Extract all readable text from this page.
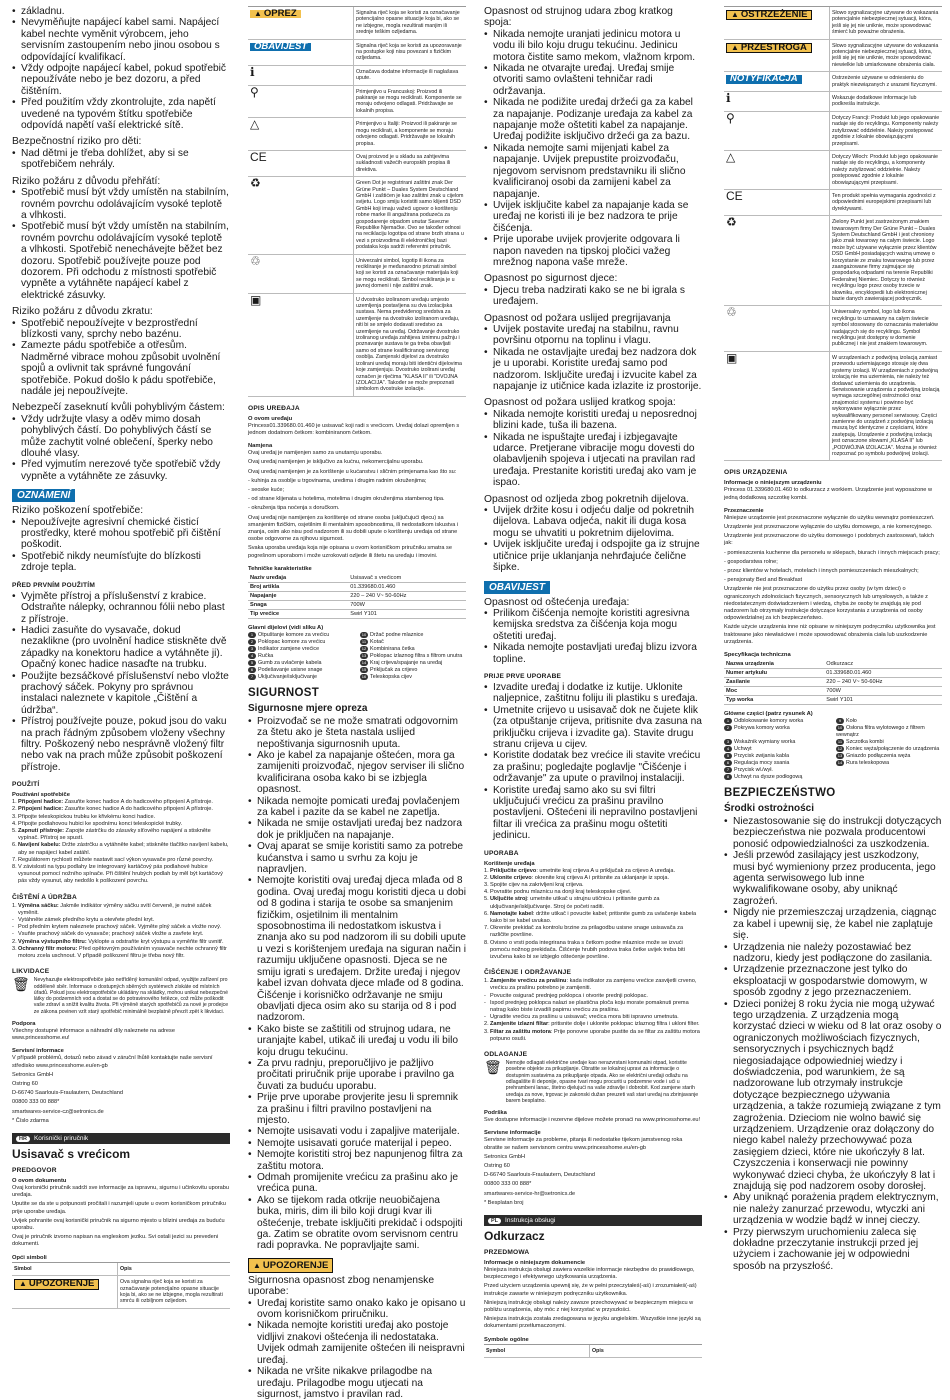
• základnu.
• Nevyměňujte napájecí kabel sami. Napájecí kabel nechte vyměnit výrobcem, jeho servisním zastoupením nebo jinou osobou s odpovídající kvalifikací.
• Vždy odpojte napájecí kabel, pokud spotřebič nepoužíváte nebo je bez dozoru, a před čištěním.
• Před použitím vždy zkontrolujte, zda napětí uvedené na typovém štítku spotřebiče odpovídá napětí vaší elektrické sítě.
Bezpečnostní riziko pro děti:
• Nad dětmi je třeba dohlížet, aby si se spotřebičem nehrály.
Riziko požáru z důvodu přehřátí:
• Spotřebič musí být vždy umístěn na stabilním, rovném povrchu odolávajícím vysoké teplotě a vlhkosti.
• Spotřebič musí být vždy umístěn na stabilním, rovném povrchu odolávajícím vysoké teplotě a vlhkosti. Spotřebič nenechávejte běžet bez dozoru. Spotřebič používejte pouze pod dozorem. Při odchodu z místnosti spotřebič vypněte a vytáhněte napájecí kabel z elektrické zásuvky.
Riziko požáru z důvodu zkratu:
• Spotřebič nepoužívejte v bezprostřední blízkosti vany, sprchy nebo bazénu.
• Zamezte pádu spotřebiče a otřesům. Nadměrné vibrace mohou způsobit uvolnění spojů a ovlivnit tak správné fungování spotřebiče. Pokud došlo k pádu spotřebiče, nadále jej nepoužívejte.
Nebezpečí zaseknutí kvůli pohyblivým částem:
• Vždy udržujte vlasy a oděv mimo dosah pohyblivých částí. Do pohyblivých částí se může zachytit volné oblečení, šperky nebo dlouhé vlasy.
• Před vyjmutím nerezové tyče spotřebič vždy vypněte a vytáhněte ze zásuvky.
OZNÁMENÍ
Riziko poškození spotřebiče:
• Nepoužívejte agresivní chemické čisticí prostředky, které mohou spotřebič při čištění poškodit.
• Spotřebič nikdy neumísťujte do blízkosti zdroje tepla.
PŘED PRVNÍM POUŽITÍM
• Vyjměte přístroj a příslušenství z krabice. Odstraňte nálepky, ochrannou fólii nebo plast z přístroje.
• Hadici zasuňte do vysavače, dokud nezaklikne (pro uvolnění hadice stiskněte dvě západky na konektoru hadice a vytáhněte ji). Opačný konec hadice nasaďte na trubku.
• Použijte bezsáčkové příslušenství nebo vložte prachový sáček. Pokyny pro správnou instalaci naleznete v kapitole „Čištění a údržba“.
• Přístroj používejte pouze, pokud jsou do vaku na prach řádným způsobem vloženy všechny filtry. Poškozený nebo nesprávně vložený filtr nebo vak na prach může způsobit poškození přístroje.
POUŽITÍ
Používání spotřebiče
1. Připojení hadice: Zasuňte konec hadice A do hadicového připojení A přístroje.
2. Připojení hadice: Zasuňte konec hadice A do hadicového připojení A přístroje.
3. Připojte teleskopickou trubku ke křivkému konci hadice.
4. Připojte podlahovou hubici ke spodnímu konci teleskopické trubky.
5. Zapnutí přístroje: Zapojte zástrčku do zásuvky síťového napájení a stiskněte vypínač. Přístroj se spustí.
6. Navíjení kabelu: Držte zástrčku a vytáhněte kabel; stiskněte tlačítko navíjení kabelu, aby se napájecí kabel zatáhl.
7. Regulátorem rychlosti můžete nastavit sací výkon vysavače pro různé povrchy.
8. V závislosti na typu podlahy lze integrovaný kartáčový pás podlahové hubice vysunout pomocí nožního spínače. Při čištění hrubých podlah by měl být kartáčový pás vždy vysunut, aby nedošlo k poškození povrchu.
ČIŠTĚNÍ A ÚDRŽBA
1. Výměna sáčku: Jakmile indikátor výměny sáčku svítí červeně, je nutné sáček vyměnit.
- Vytáhněte zámek předního krytu a otevřete přední kryt.
- Pod předním krytem naleznete prachový sáček. Vyjměte plný sáček a vložte nový.
- Vsuňte prachový sáček do vysavače; prachový sáček vložte a zavřete kryt.
2. Výměna výstupního filtru: Vyklopte a odstraňte kryt výstupu a vyměňte filtr uvnitř.
3. Ochranný filtr motoru: Před opětovným používáním vysavače nechte ochranný filtr motoru zcela uschnout. V případě poškození filtru je třeba nový filtr.
LIKVIDACE
🗑 Nevyhazujte elektrospotřebiče jako netříděný komunální odpad, využijte zařízení pro odděleně sběr. Informace o dostupných sběrných systémech získáte od místních úřadů. Pokud jsou elektrospotřebiče ukládány na skládky, mohou unikat nebezpečné látky do podzemních vod a dostat se do potravinového řetězce, což může poškodit vaše zdraví a snížit kvalitu života. Při výměně starých spotřebičů za nové je prodejce ze zákona povinen vzít starý spotřebič minimálně bezplatně převzít zpět k likvidaci.
Podpora
Všechny dostupné informace a náhradní díly naleznete na adrese www.princesshome.eu!
Servisní informace

V případě problémů, dotazů nebo závad v záruční lhůtě kontaktujte naše servisní středisko www.princesshome.eu/en-gb

Setronics GmbH

Ostring 60

D-66740 Saarlouis-Fraulautern, Deutschland

00800 333 00 888*

smartwares-service-cz@setronics.de

* Číslo zdarma

HR	Korisnički priručnik
Usisavač s vrećicom
PREDGOVOR
O ovom dokumentu

Ovaj korisnički priručnik sadrži sve informacije za ispravnu, sigurnu i učinkovitu uporabu uređaja.

Uputite se da ste u potpunosti pročitali i razumjeli upute u ovom korisničkom priručniku prije uporabe uređaja.

Uvijek pohranite ovaj korisnički priručnik na sigurno mjesto u blizini uređaja za buduću uporabu.

Ovaj je priručnik izvorno napisan na engleskom jeziku. Svi ostali jezici su prevedeni dokumenti.

Opći simboli
Simbol	Opis
▲ UPOZORENJE	Ova signalna riječ koja se koristi za označavanje potencijalno opasne situacije koja bi, ako se ne izbjegne, mogla rezultirati smrću ili ozbiljnom ozljedom.
▲ OPREZ	Signalna riječ koja se koristi za označavanje potencijalno opasne situacije koja bi, ako se ne izbjegne, mogla rezultirati manjim ili srednje teškim ozljedama.
OBAVIJEST	Signalna riječ koja se koristi za upozoravanje na postupke koji nisu povezani s fizičkim ozljedama.
ℹ	Označava dodatne informacije ili naglašava upute.
⚲	Primjenjivo u Francuskoj: Proizvod ili pakiranje se mogu reciklirati. Komponente se moraju odvojeno odlagati. Pridržavajte se lokalnih propisa.
△	Primjenjivo u Italiji: Proizvod ili pakiranje se mogu reciklirati, a komponente se moraju odvojeno odlagati. Pridržavajte se lokalnih propisa.
CE	Ovaj proizvod je u skladu sa zahtjevima sukladnosti važećih europskih propisa ili direktiva.
♻	Green Dot je registrirani zaštitni znak Der Grüne Punkt – Duales System Deutschland GmbH i zaštićen je kao zaštitni znak u cijelom svijetu. Logo smiju koristiti samo klijenti DSD GmbH koji imaju važeći ugovor o korištenju robne marke ili angažirana poduzeća za gospodarenje otpadom unutar Savezne Republike Njemačke. Ovo se također odnosi na reciklaciju logotipa od strane brzih strana u vezi s proizvodima ili elektroničkoj bazi podataka koja sadrži referentni priručnik.
♲	Univerzalni simbol, logotip ili ikona za recikliranje je međunarodno priznati simbol koji se koristi za označavanje materijala koji se mogu reciklirati. Simbol recikliranja je u javnoj domeni i nije zaštitni znak.
▣	U dvostruko izoliranom uređaju umjesto uzemljenja postavljena su dva izolacijska sustava. Nema predviđenog sredstva za uzemljenje na dvostruko izoliranom uređaju, niti bi se smjelo dodavati sredstvo za uzemljenje na uređaj. Održavanje dvostruko izoliranog uređaja zahtijeva iznimnu pažnju i poznavanje sustava te ga treba obavljati samo od strane kvalificiranog servisnog osoblja. Zamjenski dijelovi za dvostruko izolirani uređaj moraju biti identični dijelovima koje zamjenjuju. Dvostruko izolirani uređaj označen je riječima "KLASA II" ili "DVOJNA IZOLACIJA". Također se može prepoznati simbolom dvostruke izolacije.
OPIS UREĐAJA
O ovom uređaju
Princess01.339680.01.460 je usisavač koji radi s vrećicom. Uređaj dolazi opremljen s jednom dodatnom četkom: kombiniranom četkom.
Namjena

Ovaj uređaj je namijenjen samo za unutarnju uporabu.

Ovaj uređaj namijenjen je isključivo za kućnu, nekomercijalnu uporabu.

Ovaj uređaj namijenjen je za korištenje u kućanstvu i sličnim primjenama kao što su:

- kuhinja za osoblje u trgovinama, uredima i drugim radnim okruženjima;

- seoske kuće;

- od strane klijenata u hotelima, motelima i drugim okruženjima stambenog tipa.

- okruženja tipa noćenja s doručkom.

Ovaj uređaj nije namijenjen za korištenje od strane osoba (uključujući djecu) sa smanjenim fizičkim, osjetilnim ili mentalnim sposobnostima, ili nedostatkom iskustva i znanja, osim ako nisu pod nadzorom ili su dobili upute o korištenju uređaja od strane osobe odgovorne za njihovu sigurnost.

Svaka uporaba uređaja koja nije opisana u ovom korisničkom priručniku smatra se pogrešnom uporabom i može uzrokovati ozljede ili štetu na uređaju i imovini.

Tehničke karakteristike
Naziv uređaja	Usisavač s vrećicom
Broj artikla	01.339680.01.460
Napajanje	220 – 240 V~ 50-60Hz
Snaga	700W
Tip vrećice	Swirl Y101
Glavni dijelovi (vidi sliku A)
1 Otpuštanje komore za vrećicu	10 Držač podne mlaznice
2 Poklopac komore za vrećicu	11 Kotač
3 Indikator zamjene vrećice	12 Kombinirana četka
4 Ručka	13 Poklopac izlaznog filtra s filtrom unutra
5 Gumb za uvlačenje kabela	14 Kraj crijeva/spajanje na uređaj
6 Podešavanje usisne snage	15 Priključak za crijevo
7 Uključivanje/isključivanje	16 Teleskopska cijev
SIGURNOST
Sigurnosne mjere opreza
• Proizvođač se ne može smatrati odgovornim za štetu ako je šteta nastala uslijed nepoštivanja sigurnosnih uputa.
• Ako je kabel za napajanje oštećen, mora ga zamijeniti proizvođač, njegov serviser ili slično kvalificirana osoba kako bi se izbjegla opasnost.
• Nikada nemojte pomicati uređaj povlačenjem za kabel i pazite da se kabel ne zapetlja.
• Nikada ne smije ostavljati uređaj bez nadzora dok je priključen na napajanje.
• Ovaj aparat se smije koristiti samo za potrebe kućanstva i samo u svrhu za koju je napravljen.
• Nemojte koristiti ovaj uređaj djeca mlađa od 8 godina. Ovaj uređaj mogu koristiti djeca u dobi od 8 godina i starija te osobe sa smanjenim fizičkim, osjetilnim ili mentalnim sposobnostima ili nedostatkom iskustva i znanja ako su pod nadzorom ili su dobili upute u vezi s korištenjem uređaja na siguran način i razumiju uključene opasnosti. Djeca se ne smiju igrati s uređajem. Držite uređaj i njegov kabel izvan dohvata djece mlađe od 8 godina. Čišćenje i korisničko održavanje ne smiju obavljati djeca osim ako su starija od 8 i pod nadzorom.
• Kako biste se zaštitili od strujnog udara, ne uranjajte kabel, utikač ili uređaj u vodu ili bilo koju drugu tekućinu.
• Za prvu radnju, preporučljivo je pažljivo pročitati priručnik prije uporabe i pravilno ga čuvati za buduću uporabu.
• Prije prve uporabe provjerite jesu li spremnik za prašinu i filtri pravilno postavljeni na mjesto.
• Nemojte usisavati vodu i zapaljive materijale.
• Nemojte usisavati goruće materijal i pepeo.
• Nemojte koristiti stroj bez napunjenog filtra za zaštitu motora.
• Odmah promijenite vrećicu za prašinu ako je vrećica puna.
• Ako se tijekom rada otkrije neuobičajena buka, miris, dim ili bilo koji drugi kvar ili oštećenje, trebate isključiti prekidač i odspojiti ga. Zatim se obratite ovom servisnom centru radi popravka. Ne popravljajte sami.
▲ UPOZORENJE
Sigurnosna opasnost zbog nenamjenske uporabe:
• Uređaj koristite samo onako kako je opisano u ovom korisničkom priručniku.
• Nikada nemojte koristiti uređaj ako postoje vidljivi znakovi oštećenja ili nedostataka. Uvijek odmah zamijenite oštećen ili neispravni uređaj.
• Nikada ne vršite nikakve prilagodbe na uređaju. Prilagodbe mogu utjecati na sigurnost, jamstvo i pravilan rad.
Opasnost od strujnog udara zbog kratkog spoja:
• Nikada nemojte uranjati jedinicu motora u vodu ili bilo koju drugu tekućinu. Jedinicu motora čistite samo mekom, vlažnom krpom.
• Nikada ne otvarajte uređaj. Uređaj smije otvoriti samo ovlašteni tehničar radi održavanja.
• Nikada ne podižite uređaj držeći ga za kabel za napajanje. Podizanje uređaja za kabel za napajanje može oštetiti kabel za napajanje. Uređaj podižite isključivo držeći ga za bazu.
• Nikada nemojte sami mijenjati kabel za napajanje. Uvijek prepustite proizvođaču, njegovom servisnom predstavniku ili slično kvalificiranoj osobi da zamijeni kabel za napajanje.
• Uvijek isključite kabel za napajanje kada se uređaj ne koristi ili je bez nadzora te prije čišćenja.
• Prije uporabe uvijek provjerite odgovara li napon naveden na tipskoj pločici važeg mrežnog napona vaše mreže.
Opasnost po sigurnost djece:
• Djecu treba nadzirati kako se ne bi igrala s uređajem.
Opasnost od požara uslijed pregrijavanja
• Uvijek postavite uređaj na stabilnu, ravnu površinu otpornu na toplinu i vlagu.
• Nikada ne ostavljajte uređaj bez nadzora dok je u uporabi. Koristite uređaj samo pod nadzorom. Isključite uređaj i izvucite kabel za napajanje iz utičnice kada izlazite iz prostorije.
Opasnost od požara uslijed kratkog spoja:
• Nikada nemojte koristiti uređaj u neposrednoj blizini kade, tuša ili bazena.
• Nikada ne ispuštajte uređaj i izbjegavajte udarce. Pretjerane vibracije mogu dovesti do olabavljenih spojeva i utjecati na pravilan rad uređaja. Prestanite koristiti uređaj ako vam je ispao.
Opasnost od ozljeda zbog pokretnih dijelova.
• Uvijek držite kosu i odjeću dalje od pokretnih dijelova. Labava odjeća, nakit ili duga kosa mogu se uhvatiti u pokretnim dijelovima.
• Uvijek isključite uređaj i odspojite ga iz strujne utičnice prije uklanjanja nehrđajuće čelične šipke.
OBAVIJEST
Opasnost od oštećenja uređaja:
• Prilikom čišćenja nemojte koristiti agresivna kemijska sredstva za čišćenja koja mogu oštetiti uređaj.
• Nikada nemojte postavljati uređaj blizu izvora topline.
PRIJE PRVE UPORABE
• Izvadite uređaj i dodatke iz kutije. Uklonite naljepnice, zaštitnu foliju ili plastiku s uređaja.
• Umetnite crijevo u usisavač dok ne čujete klik (za otpuštanje crijeva, pritisnite dva zasuna na priključku crijeva i izvadite ga). Stavite drugu stranu crijeva u cijev.
• Koristite dodatak bez vrećice ili stavite vrećicu za prašinu; pogledajte poglavlje "Čišćenje i održavanje" za upute o pravilnoj instalaciji.
• Koristite uređaj samo ako su svi filtri uključujući vrećicu za prašinu pravilno postavljeni. Oštećeni ili nepravilno postavljeni filtar ili vrećica za prašinu mogu oštetiti jedinicu.
UPORABA
Korištenje uređaja
1. Priključite crijevo: umetnite kraj crijeva A u priključak za crijevo A uređaja.
2. Uklonite crijevo: okrenite kraj crijeva A i pritisnite za uklanjanje iz spoja.
3. Spojite cijev na zakrivljeni kraj crijeva.
4. Povratite podnu mlaznicu na donji kraj teleskopske cijevi.
5. Uključite stroj: umetnite utikač u strujnu utičnicu i pritisnite gumb za uključivanje/isključivanje. Stroj će početi raditi.
6. Namotajte kabel: držite utikač i povucite kabel; pritisnite gumb za uvlačenje kabela kako bi se kabel uvukao.
7. Okrenite prekidač za kontrolu brzine za prilagodbu usisne snage usisavača za različite površine.
8. Ovisno o vrsti poda integrirana traka s četkom podne mlaznice može se izvući pomoću nožnog prekidača. Čišćenje hrubih podova traka četke uvijek treba biti izvučena kako bi se izbjeglo oštećenje površine.
ČIŠĆENJE I ODRŽAVANJE
1. Zamjenite vrećicu za prašinu: kada indikator za zamjenu vrećice zasvijetli crveno, vrećicu za prašinu potrebno je zamijeniti.
- Povucite osigurač prednjeg poklopca i otvorite prednji poklopac.
- Ispod prednjeg poklopca nalazi se plastična ploča koju morate pomaknuti prema natrag kako biste izvadili papirnu vrećicu za prašinu.
- Ugradite vrećicu za prašinu u usisavač; vrećica mora biti ispravno umetnuta.
2. Zamjenite izlazni filtar: pritisnite dolje i uklonite poklopac izlaznog filtra i ukloni filter.
3. Filtar za zaštitu motora: Prije ponovne uporabe pustite da se filtar za zaštitu motora potpuno osuši.
ODLAGANJE
🗑 Nemojte odlagati električne uređaje kao nerazvrstani komunalni otpad, koristite posebne objekte za prikupljanje. Obratite se lokalnoj upravi za informacije o dostupnim sustavima za prikupljanje otpada. Ako se električni uređaji odlažu na odlagalište ili deponije, opasne tvari mogu procuriti u podzemne vode i ući u prehrambeni lanac, štetno djelujući na vaše zdravlje i dobrobit. Kod zamjene starih uređaja za nove, trgovac je zakonski dužan preuzeti vaš stari uređaj na zbrinjavanje barem besplatno.
Podrška
Sve dostupne informacije i rezervne dijelove možete pronaći na www.princesshome.eu!
Servisne informacije

Servisne informacije za probleme, pitanja ili nedostatke tijekom jamstvenog roka obratite se našem servisnom centru www.princesshome.eu/en-gb

Setronics GmbH

Ostring 60

D-66740 Saarlouis-Fraulautern, Deutschland

00800 333 00 888*

smartwares-service-hr@setronics.de

* Besplatan broj

PL	Instrukcja obsługi
Odkurzacz
PRZEDMOWA
Informacje o niniejszym dokumencie

Niniejsza instrukcja obsługi zawiera wszelkie informacje niezbędne do prawidłowego, bezpiecznego i efektywnego użytkowania urządzenia.

Przed użyciem urządzenia upewnij się, że w pełni przeczytałeś(-aś) i zrozumiałeś(-aś) instrukcje zawarte w niniejszym podręczniku użytkownika.

Niniejszą instrukcję obsługi należy zawsze przechowywać w bezpiecznym miejscu w pobliżu urządzenia, aby móc z niej korzystać w przyszłości.

Niniejsza instrukcja została zredagowana w języku angielskim. Wszystkie inne języki są dokumentami przetłumaczonymi.

Symbole ogólne
Symbol	Opis
▲ OSTRZEŻENIE	Słowo sygnalizacyjne używane do wskazania potencjalnie niebezpiecznej sytuacji, która, jeśli się jej nie uniknie, może spowodować śmierć lub poważne obrażenia.
▲ PRZESTROGA	Słowo sygnalizacyjne używane do wskazania potencjalnie niebezpiecznej sytuacji, która, jeśli się jej nie uniknie, może spowodować niewielkie lub umiarkowane obrażenia ciała.
NOTYFIKACJA	Ostrzeżenie używane w odniesieniu do praktyk niezwiązanych z urazami fizycznymi.
ℹ	Wskazuje dodatkowe informacje lub podkreśla instrukcje.
⚲	Dotyczy Francji: Produkt lub jego opakowanie nadaje się do recyklingu. Komponenty należy zutylizować oddzielnie. Należy postępować zgodnie z lokalnie obowiązującymi przepisami.
△	Dotyczy Włoch: Produkt lub jego opakowanie nadaje się do recyklingu, a komponenty należy zutylizować oddzielnie. Należy postępować zgodnie z lokalnie obowiązującymi przepisami.
CE	Ten produkt spełnia wymagania zgodności z odpowiednimi europejskimi przepisami lub dyrektywami.
♻	Zielony Punkt jest zastrzeżonym znakiem towarowym firmy Der Grüne Punkt – Duales System Deutschland GmbH i jest chroniony jako znak towarowy na całym świecie. Logo może być używane wyłącznie przez klientów DSD GmbH posiadających ważną umowę o korzystanie ze znaku towarowego lub przez zaangażowane firmy zajmujące się gospodarką odpadami na terenie Republiki Federalnej Niemiec. Dotyczy to również recyklingu logo przez osoby trzecie w słowniku, encyklopedii lub elektronicznej bazie danych zawierającej podręcznik.
♲	Uniwersalny symbol, logo lub ikona recyklingu to uznawany na całym świecie symbol stosowany do oznaczania materiałów nadających się do recyklingu. Symbol recyklingu jest dostępny w domenie publicznej i nie jest znakiem towarowym.
▣	W urządzeniach z podwójną izolacją zamiast przewodu uziemiającego stosuje się dwa systemy izolacji. W urządzeniach z podwójną izolacją nie ma uziemienia, nie należy też dodawać uziemienia do urządzenia. Serwisowanie urządzenia z podwójną izolacją wymaga szczególnej ostrożności oraz znajomości systemu i powinno być wykonywane wyłącznie przez wykwalifikowany personel serwisowy. Części zamienne do urządzeń z podwójną izolacją muszą być identyczne z częściami, które zastępują. Urządzenie z podwójną izolacją jest oznaczone słowami „KLASA II” lub „PODWÓJNA IZOLACJA”. Można je również rozpoznać po symbolu podwójnej izolacji.
OPIS URZĄDZENIA
Informacje o niniejszym urządzeniu
Princess 01.339680.01.460 to odkurzacz z workiem. Urządzenie jest wyposażone w jedną dodatkową szczotkę kombi.
Przeznaczenie

Niniejsze urządzenie jest przeznaczone wyłącznie do użytku wewnątrz pomieszczeń.

Urządzenie jest przeznaczone wyłącznie do użytku domowego, a nie komercyjnego.

Urządzenie jest przeznaczone do użytku domowego i podobnych zastosowań, takich jak:

- pomieszczenia kuchenne dla personelu w sklepach, biurach i innych miejscach pracy;

- gospodarstwa rolne;

- przez klientów w hotelach, motelach i innych pomieszczeniach mieszkalnych;

- pensjonaty Bed and Breakfast

Urządzenie nie jest przeznaczone do użytku przez osoby (w tym dzieci) o ograniczonych zdolnościach fizycznych, sensorycznych lub umysłowych, a także z niedostatecznym doświadczeniem i wiedzą, chyba że osoby te znajdują się pod nadzorem lub otrzymały instrukcje dotyczące korzystania z urządzenia od osoby odpowiedzialnej za ich bezpieczeństwo.

Każde użycie urządzenia inne niż opisane w niniejszym podręczniku użytkownika jest traktowane jako niewłaściwe i może spowodować obrażenia ciała lub uszkodzenie urządzenia.

Specyfikacja techniczna
Nazwa urządzenia	Odkurzacz
Numer artykułu	01.339680.01.460
Zasilanie	220 – 240 V~ 50-60Hz
Moc	700W
Typ worka	Swirl Y101
Główne części (patrz rysunek A)
1 Odblokowanie komory worka	9 Koło
2 Pokrywa komory worka	10 Osłona filtra wylotowego z filtrem wewnątrz
3 Wskaźnik wymiany worka	11 Szczotka kombi
4 Uchwyt	12 Koniec węża/połączenie do urządzenia
5 Przycisk zwijania kabla	13 Gniazdo podłączenia węża
6 Regulacja mocy ssania	14 Rura teleskopowa
7 Przycisk wł./wył.
8 Uchwyt na dysze podłogową
BEZPIECZEŃSTWO
Środki ostrożności
• Niezastosowanie się do instrukcji dotyczących bezpieczeństwa nie pozwala producentowi ponosić odpowiedzialności za uszkodzenia.
• Jeśli przewód zasilający jest uszkodzony, musi być wymieniony przez producenta, jego agenta serwisowego lub inne wykwalifikowane osoby, aby uniknąć zagrożeń.
• Nigdy nie przemieszczaj urządzenia, ciągnąc za kabel i upewnij się, że kabel nie zaplątuje się.
• Urządzenia nie należy pozostawiać bez nadzoru, kiedy jest podłączone do zasilania.
• Urządzenie przeznaczone jest tylko do eksploatacji w gospodarstwie domowym, w sposób zgodny z jego przeznaczeniem.
• Dzieci poniżej 8 roku życia nie mogą używać tego urządzenia. Z urządzenia mogą korzystać dzieci w wieku od 8 lat oraz osoby o ograniczonych możliwościach fizycznych, sensorycznych i psychicznych bądź niegosiadające odpowiedniej wiedzy i doświadczenia, pod warunkiem, że są nadzorowane lub otrzymały instrukcje dotyczące bezpiecznego używania urządzenia, a także rozumieją związane z tym zagrożenia. Dzieciom nie wolno bawić się urządzeniem. Urządzenie oraz dołączony do niego kabel należy przechowywać poza zasięgiem dzieci, które nie ukończyły 8 lat. Czyszczenia i konserwacji nie powinny wykonywać dzieci chyba, że ukończyły 8 lat i znajdują się pod nadzorem osoby dorosłej.
• Aby uniknąć porażenia prądem elektrycznym, nie należy zanurzać przewodu, wtyczki ani urządzenia w wodzie bądź w innej cieczy.
• Przy pierwszym uruchomieniu zaleca się dokładne przeczytanie instrukcji przed jej użyciem i zachowanie jej w odpowiedni sposób na przyszłość.
